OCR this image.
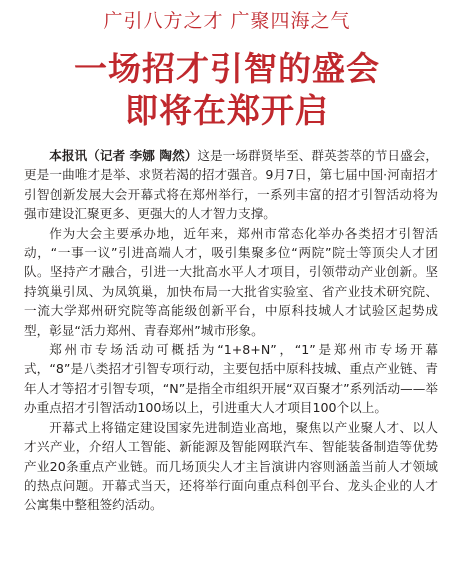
广引八方之才 广聚四海之气
一场招才引智的盛会
即将在郑开启

本报讯（记者 李娜 陶然）这是一场群贤毕至、群英荟萃的节日盛会，更是一曲唯才是举、求贤若渴的招才强音。9月7日，第七届中国·河南招才引智创新发展大会开幕式将在郑州举行，一系列丰富的招才引智活动将为强市建设汇聚更多、更强大的人才智力支撑。

作为大会主要承办地，近年来，郑州市常态化举办各类招才引智活动，“一事一议”引进高端人才，吸引集聚多位“两院”院士等顶尖人才团队。坚持产才融合，引进一大批高水平人才项目，引领带动产业创新。坚持筑巢引凤、为凤筑巢，加快布局一大批省实验室、省产业技术研究院、一流大学郑州研究院等高能级创新平台，中原科技城人才试验区起势成型，彰显“活力郑州、青春郑州”城市形象。

郑州市专场活动可概括为“1+8+N”，“1”是郑州市专场开幕式，“8”是八类招才引智专项行动，主要包括中原科技城、重点产业链、青年人才等招才引智专项，“N”是指全市组织开展“双百聚才”系列活动——举办重点招才引智活动100场以上，引进重大人才项目100个以上。

开幕式上将锚定建设国家先进制造业高地，聚焦以产业聚人才、以人才兴产业，介绍人工智能、新能源及智能网联汽车、智能装备制造等优势产业20条重点产业链。而几场顶尖人才主旨演讲内容则涵盖当前人才领域的热点问题。开幕式当天，还将举行面向重点科创平台、龙头企业的人才公寓集中整租签约活动。
